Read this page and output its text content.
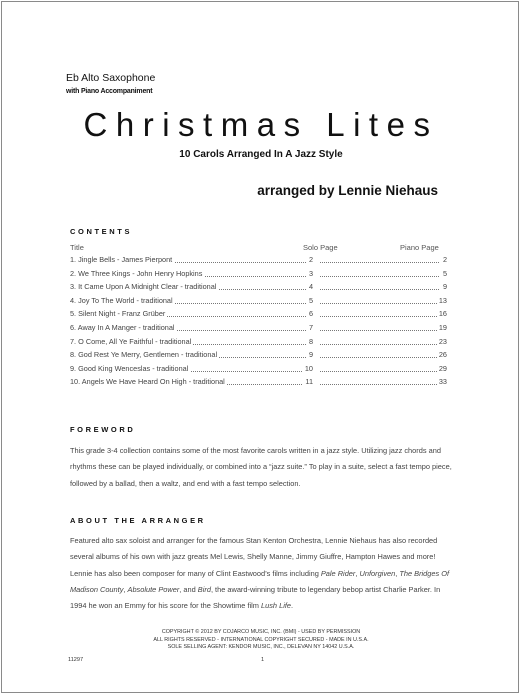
Eb Alto Saxophone
with Piano Accompaniment
Christmas Lites
10 Carols Arranged In A Jazz Style
arranged by Lennie Niehaus
CONTENTS
Title	Solo Page	Piano Page
1. Jingle Bells - James Pierpont	2	2
2. We Three Kings - John Henry Hopkins	3	5
3. It Came Upon A Midnight Clear - traditional	4	9
4. Joy To The World - traditional	5	13
5. Silent Night - Franz Grüber	6	16
6. Away In A Manger - traditional	7	19
7. O Come, All Ye Faithful - traditional	8	23
8. God Rest Ye Merry, Gentlemen - traditional	9	26
9. Good King Wenceslas - traditional	10	29
10. Angels We Have Heard On High - traditional	11	33
FOREWORD
This grade 3-4 collection contains some of the most favorite carols written in a jazz style. Utilizing jazz chords and rhythms these can be played individually, or combined into a “jazz suite.” To play in a suite, select a fast tempo piece, followed by a ballad, then a waltz, and end with a fast tempo selection.
ABOUT THE ARRANGER
Featured alto sax soloist and arranger for the famous Stan Kenton Orchestra, Lennie Niehaus has also recorded several albums of his own with jazz greats Mel Lewis, Shelly Manne, Jimmy Giuffre, Hampton Hawes and more! Lennie has also been composer for many of Clint Eastwood’s films including Pale Rider, Unforgiven, The Bridges Of Madison County, Absolute Power, and Bird, the award-winning tribute to legendary bebop artist Charlie Parker. In 1994 he won an Emmy for his score for the Showtime film Lush Life.
COPYRIGHT © 2012 BY COJARCO MUSIC, INC. (BMI) - USED BY PERMISSION
ALL RIGHTS RESERVED - INTERNATIONAL COPYRIGHT SECURED - MADE IN U.S.A.
SOLE SELLING AGENT: KENDOR MUSIC, INC., DELEVAN NY 14042 U.S.A.
11297	1
